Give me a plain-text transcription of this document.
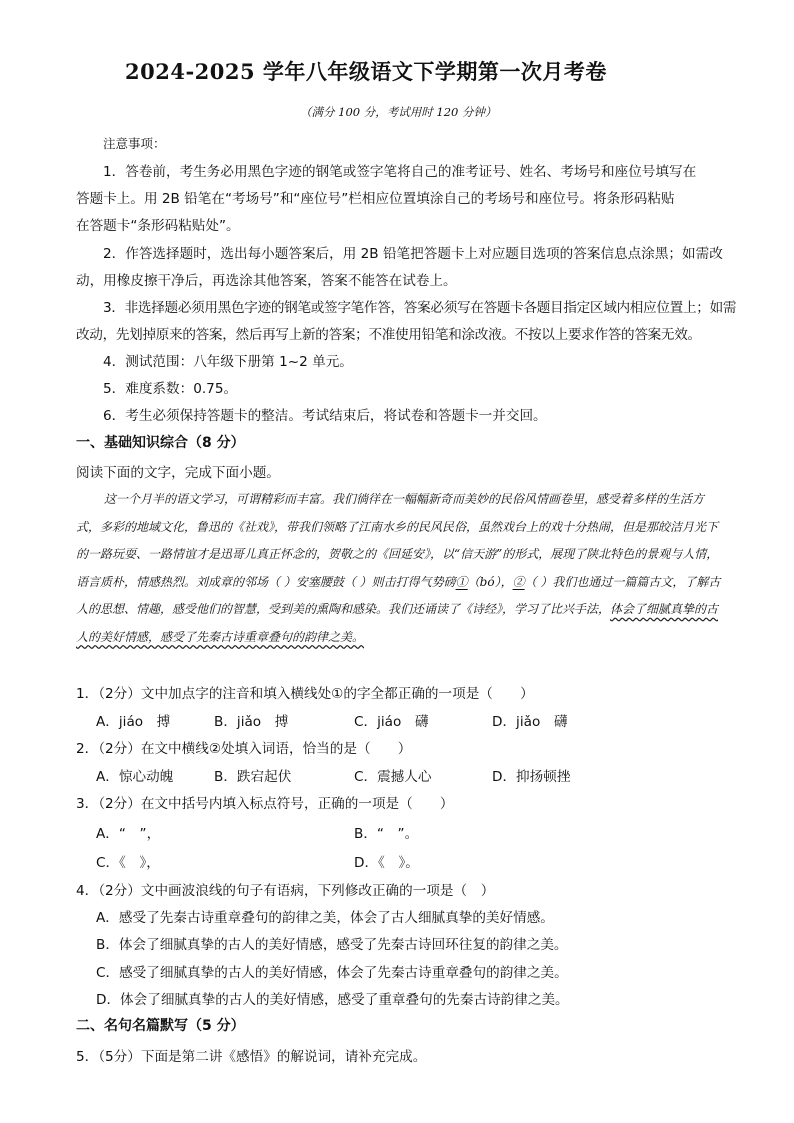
2024-2025 学年八年级语文下学期第一次月考卷
（满分 100 分，考试用时 120 分钟）
注意事项：
1．答卷前，考生务必用黑色字迹的钢笔或签字笔将自己的准考证号、姓名、考场号和座位号填写在
答题卡上。用 2B 铅笔在“考场号”和“座位号”栏相应位置填涂自己的考场号和座位号。将条形码粘贴
在答题卡“条形码粘贴处”。
2．作答选择题时，选出每小题答案后，用 2B 铅笔把答题卡上对应题目选项的答案信息点涂黑；如需改
动，用橡皮擦干净后，再选涂其他答案，答案不能答在试卷上。
3．非选择题必须用黑色字迹的钢笔或签字笔作答，答案必须写在答题卡各题目指定区域内相应位置上；如需
改动，先划掉原来的答案，然后再写上新的答案；不准使用铅笔和涂改液。不按以上要求作答的答案无效。
4．测试范围：八年级下册第 1~2 单元。
5．难度系数：0.75。
6．考生必须保持答题卡的整洁。考试结束后，将试卷和答题卡一并交回。
一、基础知识综合（8 分）
阅读下面的文字，完成下面小题。

这一个月半的语文学习，可谓精彩而丰富。我们徜徉在一幅幅新奇而美妙的民俗风情画卷里，感受着多样的生活方式，多彩的地域文化，鲁迅的《社戏》，带我们领略了江南水乡的民风民俗，虽然戏台上的戏十分热闹，但是那皎洁月光下的一路玩耍、一路情谊才是迅哥儿真正怀念的，贺敬之的《回延安》，以“信天游”的形式，展现了陕北特色的景观与人情，语言质朴，情感热烈。刘成章的邻场（ ）安塞腰鼓（ ）则击打得气势磅①（bó），②（ ）我们也通过一篇篇古文，了解古人的思想、情趣，感受他们的智慧，受到美的熏陶和感染。我们还诵读了《诗经》，学习了比兴手法，体会了细腻真挚的古人的美好情感，感受了先秦古诗重章叠句的韵律之美。

1．（2分）文中加点字的注音和填入横线处①的字全都正确的一项是（　　）
A．jiáo　搏	B．jiǎo　搏	C．jiáo　礴	D．jiǎo　礴
2．（2分）在文中横线②处填入词语，恰当的是（　　）
A．惊心动魄	B．跌宕起伏	C．震撼人心	D．抑扬顿挫
3．（2分）在文中括号内填入标点符号，正确的一项是（　　）
A．“　”，	B．“　”。
C．《　》，	D．《　》。
4．（2分）文中画波浪线的句子有语病，下列修改正确的一项是（　）
A．感受了先秦古诗重章叠句的韵律之美，体会了古人细腻真挚的美好情感。
B．体会了细腻真挚的古人的美好情感，感受了先秦古诗回环往复的韵律之美。
C．感受了细腻真挚的古人的美好情感，体会了先秦古诗重章叠句的韵律之美。
D．体会了细腻真挚的古人的美好情感，感受了重章叠句的先秦古诗韵律之美。
二、名句名篇默写（5 分）
5．（5分）下面是第二讲《感悟》的解说词，请补充完成。
